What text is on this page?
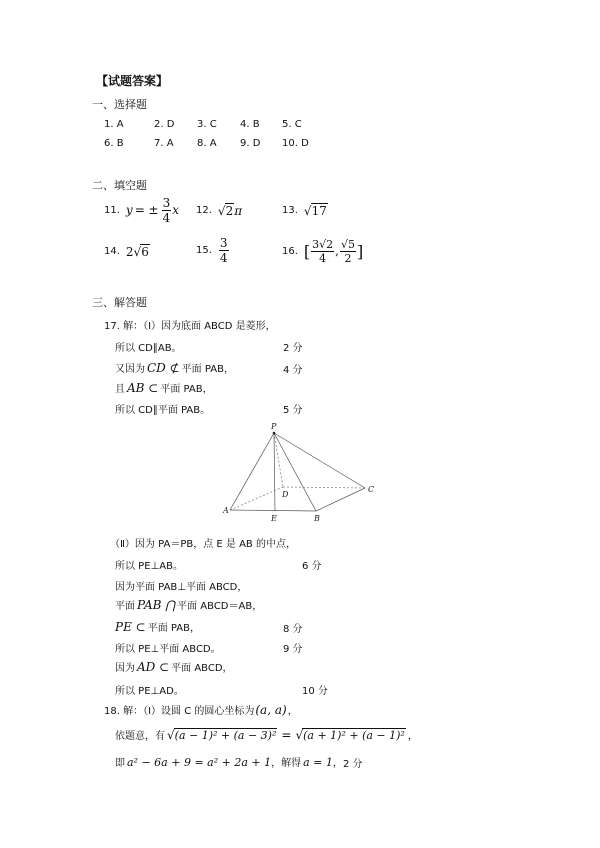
【试题答案】
一、选择题
1. A	2. D 3. C 4. B 5. C
6. B	7. A 8. A 9. D 10. D
二、填空题
11. y = ± $\frac{3}{4}$ x 12. √ 2 π	13. √ 17
14. 2 √ 6	15. $\frac{3}{4}$	16. [ $\frac{3√2}{4}$ , $\frac{√5}{2}$ ]
三、解答题
17. 解：（Ⅰ）因为底面 ABCD 是菱形，
所以 CD∥AB。	2 分
又因为 CD ⊄ 平面 PAB，	4 分
且 AB ⊂ 平面 PAB，
所以 CD∥平面 PAB。	5 分
P
A
B
C
D
E
（Ⅱ）因为 PA＝PB，点 E 是 AB 的中点，
所以 PE⊥AB。	6 分
因为平面 PAB⊥平面 ABCD，
平面 PAB ⋂ 平面 ABCD＝AB，
PE ⊂ 平面 PAB，	8 分
所以 PE⊥平面 ABCD。	9 分
因为 AD ⊂ 平面 ABCD，
所以 PE⊥AD。	10 分
18. 解：（Ⅰ）设圆 C 的圆心坐标为 (a, a) ，
依题意，有 √ (a − 1)² + (a − 3)² = √ (a + 1)² + (a − 1)² ，
即 a² − 6a + 9 = a² + 2a + 1 ，解得 a = 1 ， 2 分
